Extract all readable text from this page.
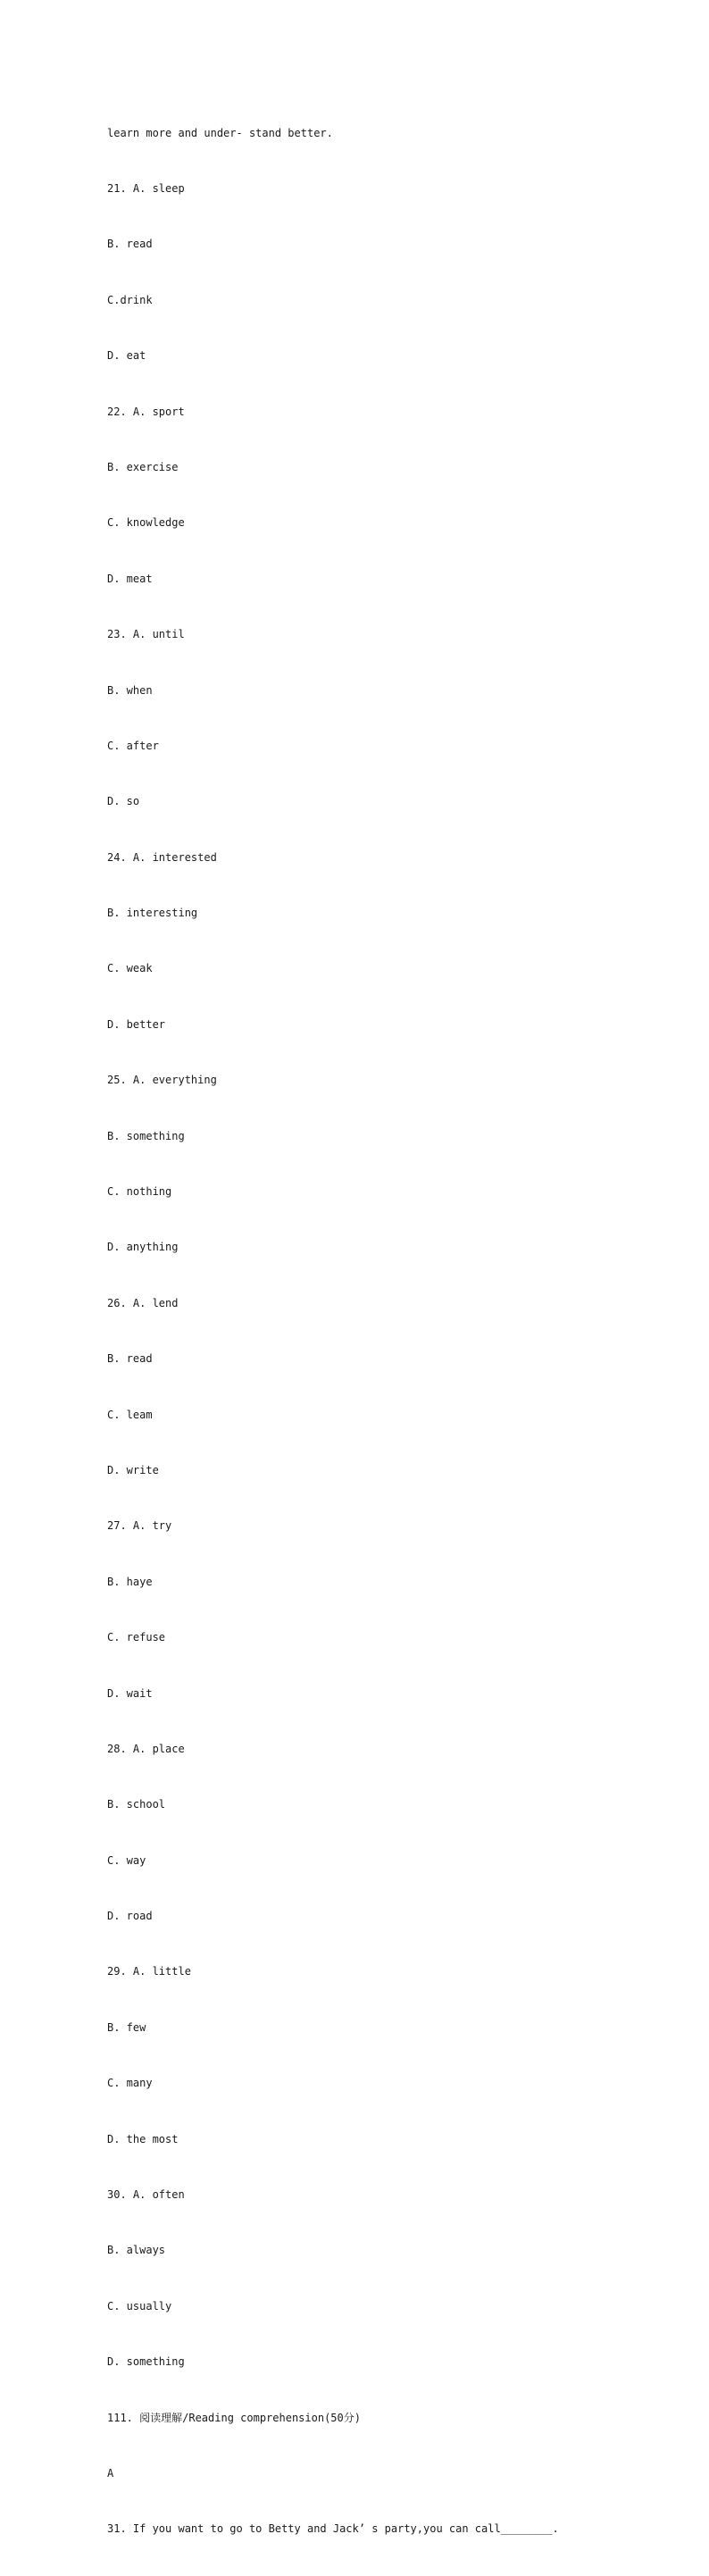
learn more and under- stand better.

21. A. sleep

B. read

C.drink

D. eat

22. A. sport

B. exercise

C. knowledge

D. meat

23. A. until

B. when

C. after

D. so

24. A. interested

B. interesting

C. weak

D. better

25. A. everything

B. something

C. nothing

D. anything

26. A. lend

B. read

C. leam

D. write

27. A. try

B. haye

C. refuse

D. wait

28. A. place

B. school

C. way

D. road

29. A. little

B. few

C. many

D. the most

30. A. often

B. always

C. usually

D. something

111. 阅读理解/Reading comprehension(50分)

A

31. If you want to go to Betty and Jack’ s party,you can call________.
